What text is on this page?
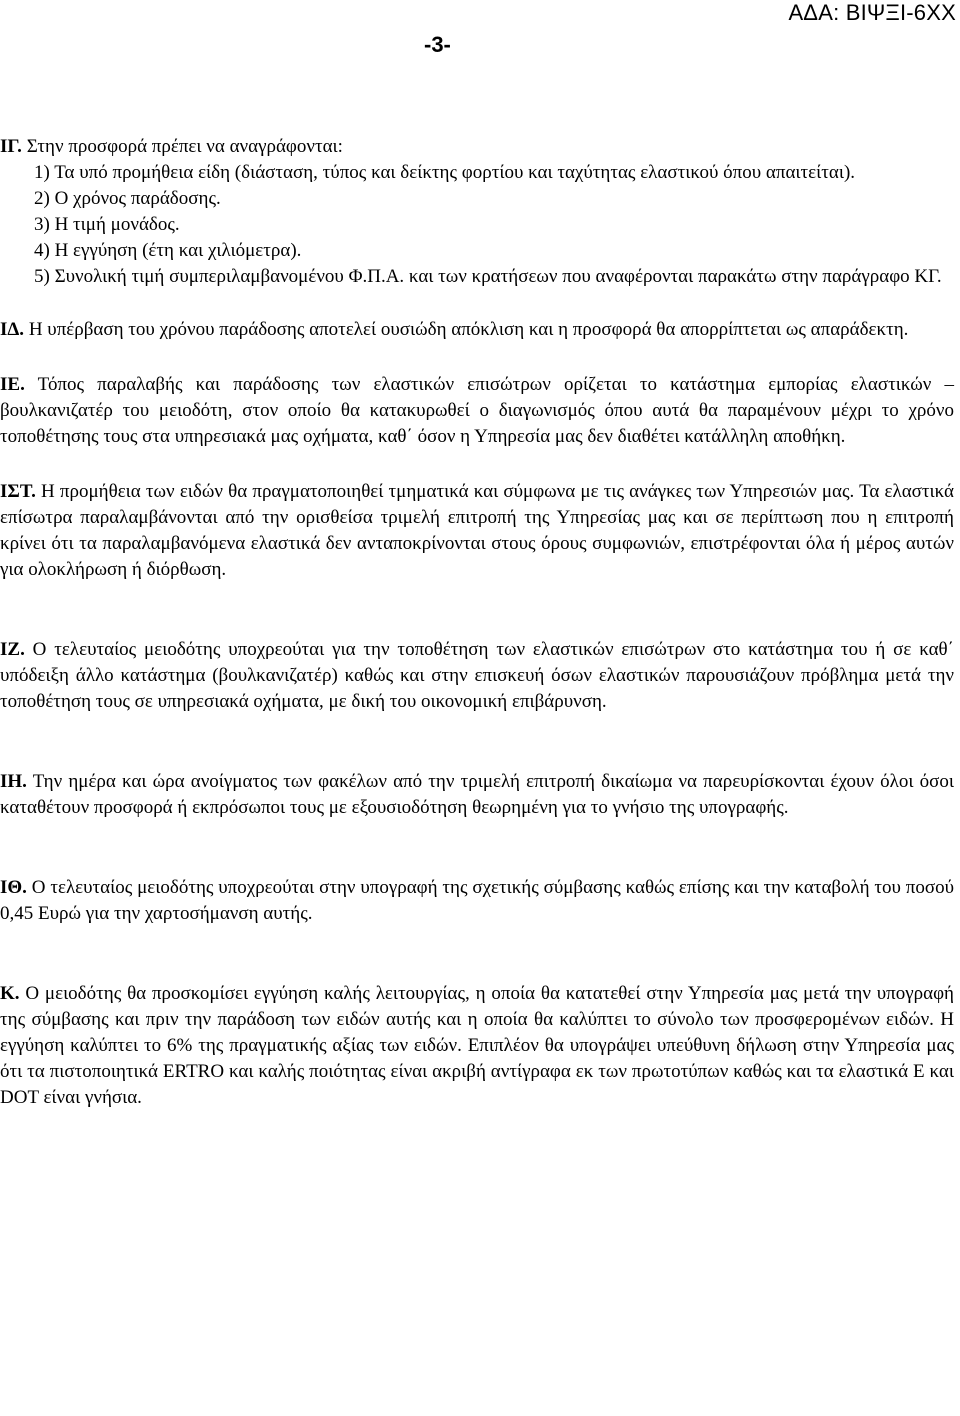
ΑΔΑ: ΒΙΨΞΙ-6ΧΧ
-3-

ΙΓ. Στην προσφορά πρέπει να αναγράφονται:

1) Τα υπό προμήθεια είδη (διάσταση, τύπος και δείκτης φορτίου και ταχύτητας ελαστικού όπου απαιτείται).
2) Ο χρόνος παράδοσης.
3) Η τιμή μονάδος.
4) Η εγγύηση (έτη και χιλιόμετρα).
5) Συνολική τιμή συμπεριλαμβανομένου Φ.Π.Α. και των κρατήσεων που αναφέρονται παρακάτω στην παράγραφο ΚΓ.

ΙΔ. Η υπέρβαση του χρόνου παράδοσης αποτελεί ουσιώδη απόκλιση και η προσφορά θα απορρίπτεται ως απαράδεκτη.

ΙΕ. Τόπος παραλαβής και παράδοσης των ελαστικών επισώτρων ορίζεται το κατάστημα εμπορίας ελαστικών – βουλκανιζατέρ του μειοδότη, στον οποίο θα κατακυρωθεί ο διαγωνισμός όπου αυτά θα παραμένουν μέχρι το χρόνο τοποθέτησης τους στα υπηρεσιακά μας οχήματα, καθ΄ όσον η Υπηρεσία μας δεν διαθέτει κατάλληλη αποθήκη.

ΙΣΤ. Η προμήθεια των ειδών θα πραγματοποιηθεί τμηματικά και σύμφωνα με τις ανάγκες των Υπηρεσιών μας. Τα ελαστικά επίσωτρα παραλαμβάνονται από την ορισθείσα τριμελή επιτροπή της Υπηρεσίας μας και σε περίπτωση που η επιτροπή κρίνει ότι τα παραλαμβανόμενα ελαστικά δεν ανταποκρίνονται στους όρους συμφωνιών, επιστρέφονται όλα ή μέρος αυτών για ολοκλήρωση ή διόρθωση.

ΙΖ. Ο τελευταίος μειοδότης υποχρεούται για την τοποθέτηση των ελαστικών επισώτρων στο κατάστημα του ή σε καθ΄ υπόδειξη άλλο κατάστημα (βουλκανιζατέρ) καθώς και στην επισκευή όσων ελαστικών παρουσιάζουν πρόβλημα μετά την τοποθέτηση τους σε υπηρεσιακά οχήματα, με δική του οικονομική επιβάρυνση.

ΙΗ. Την ημέρα και ώρα ανοίγματος των φακέλων από την τριμελή επιτροπή δικαίωμα να παρευρίσκονται έχουν όλοι όσοι καταθέτουν προσφορά ή εκπρόσωποι τους με εξουσιοδότηση θεωρημένη για το γνήσιο της υπογραφής.

ΙΘ. Ο τελευταίος μειοδότης υποχρεούται στην υπογραφή της σχετικής σύμβασης καθώς επίσης και την καταβολή του ποσού 0,45 Ευρώ για την χαρτοσήμανση αυτής.

Κ. Ο μειοδότης θα προσκομίσει εγγύηση καλής λειτουργίας, η οποία θα κατατεθεί στην Υπηρεσία μας μετά την υπογραφή της σύμβασης και πριν την παράδοση των ειδών αυτής και η οποία θα καλύπτει το σύνολο των προσφερομένων ειδών. Η εγγύηση καλύπτει το 6% της πραγματικής αξίας των ειδών. Επιπλέον θα υπογράψει υπεύθυνη δήλωση στην Υπηρεσία μας ότι τα πιστοποιητικά ERTRO και καλής ποιότητας είναι ακριβή αντίγραφα εκ των πρωτοτύπων καθώς και τα ελαστικά Ε και DOT είναι γνήσια.
